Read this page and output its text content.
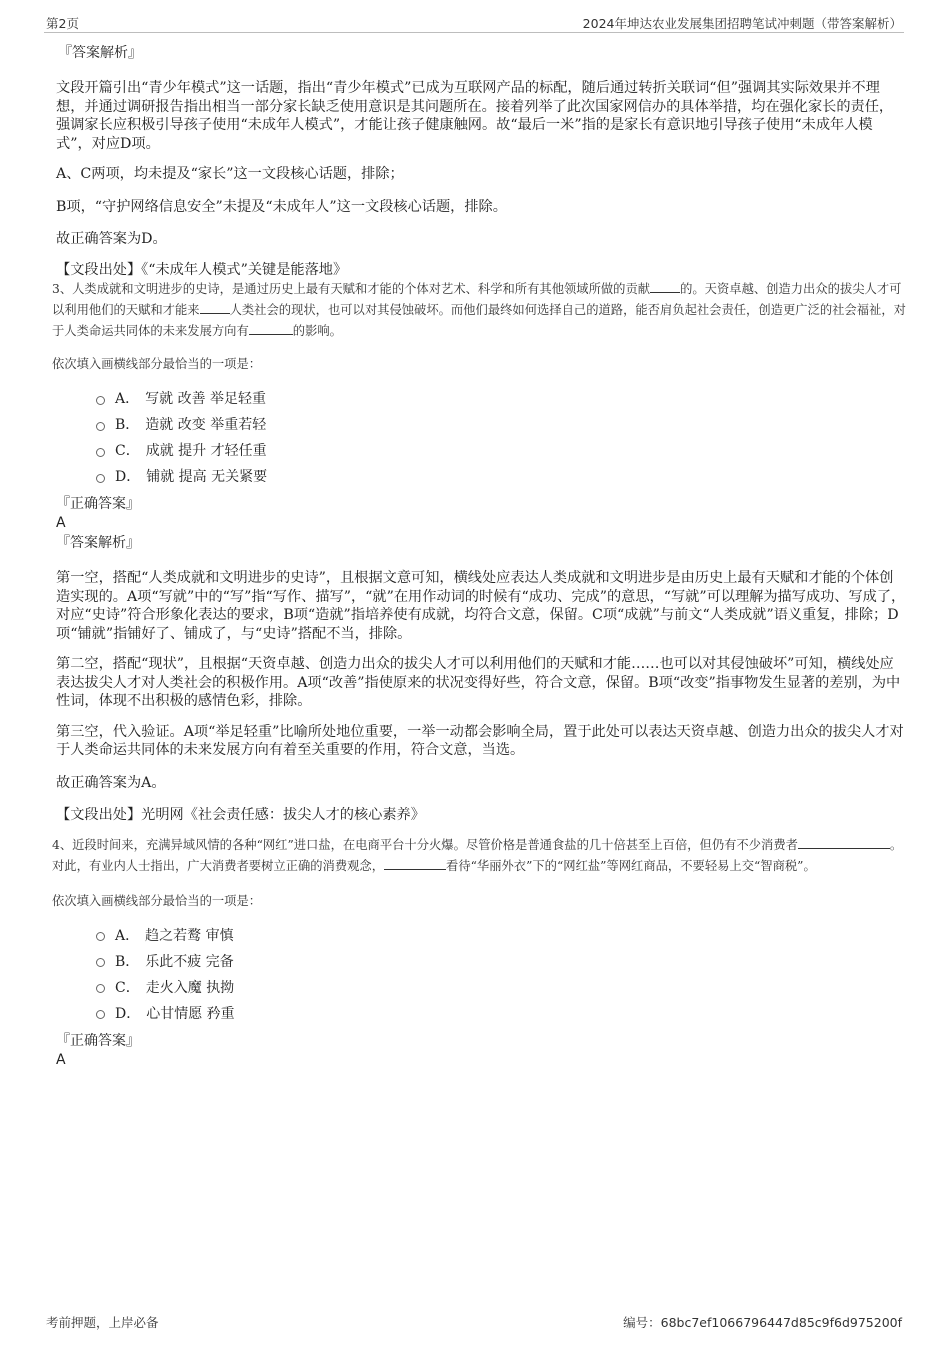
第2页	2024年坤达农业发展集团招聘笔试冲刺题（带答案解析）

『答案解析』

文段开篇引出“青少年模式”这一话题，指出“青少年模式”已成为互联网产品的标配，随后通过转折关联词“但”强调其实际效果并不理想，并通过调研报告指出相当一部分家长缺乏使用意识是其问题所在。接着列举了此次国家网信办的具体举措，均在强化家长的责任，强调家长应积极引导孩子使用“未成年人模式”，才能让孩子健康触网。故“最后一米”指的是家长有意识地引导孩子使用“未成年人模式”，对应D项。

A、C两项，均未提及“家长”这一文段核心话题，排除；

B项，“守护网络信息安全”未提及“未成年人”这一文段核心话题，排除。

故正确答案为D。

【文段出处】《“未成年人模式”关键是能落地》

3、人类成就和文明进步的史诗，是通过历史上最有天赋和才能的个体对艺术、科学和所有其他领域所做的贡献 的。天资卓越、创造力出众的拔尖人才可以利用他们的天赋和才能来 人类社会的现状，也可以对其侵蚀破坏。而他们最终如何选择自己的道路，能否肩负起社会责任，创造更广泛的社会福祉，对于人类命运共同体的未来发展方向有	的影响。

依次填入画横线部分最恰当的一项是：

A． 写就 改善 举足轻重
B． 造就 改变 举重若轻
C． 成就 提升 才轻任重
D． 铺就 提高 无关紧要

『正确答案』

A

『答案解析』

第一空，搭配“人类成就和文明进步的史诗”，且根据文意可知，横线处应表达人类成就和文明进步是由历史上最有天赋和才能的个体创造实现的。A项“写就”中的“写”指“写作、描写”，“就”在用作动词的时候有“成功、完成”的意思，“写就”可以理解为描写成功、写成了，对应“史诗”符合形象化表达的要求，B项“造就”指培养使有成就，均符合文意，保留。C项“成就”与前文“人类成就”语义重复，排除；D项“铺就”指铺好了、铺成了，与“史诗”搭配不当，排除。

第二空，搭配“现状”，且根据“天资卓越、创造力出众的拔尖人才可以利用他们的天赋和才能……也可以对其侵蚀破坏”可知，横线处应表达拔尖人才对人类社会的积极作用。A项“改善”指使原来的状况变得好些，符合文意，保留。B项“改变”指事物发生显著的差别，为中性词，体现不出积极的感情色彩，排除。

第三空，代入验证。A项“举足轻重”比喻所处地位重要，一举一动都会影响全局，置于此处可以表达天资卓越、创造力出众的拔尖人才对于人类命运共同体的未来发展方向有着至关重要的作用，符合文意，当选。

故正确答案为A。

【文段出处】光明网《社会责任感：拔尖人才的核心素养》

4、近段时间来，充满异域风情的各种“网红”进口盐，在电商平台十分火爆。尽管价格是普通食盐的几十倍甚至上百倍，但仍有不少消费者	。对此，有业内人士指出，广大消费者要树立正确的消费观念，	看待“华丽外衣”下的“网红盐”等网红商品，不要轻易上交“智商税”。

依次填入画横线部分最恰当的一项是：

A． 趋之若鹜 审慎
B． 乐此不疲 完备
C． 走火入魔 执拗
D． 心甘情愿 矜重

『正确答案』

A

考前押题，上岸必备	编号：68bc7ef1066796447d85c9f6d975200f
